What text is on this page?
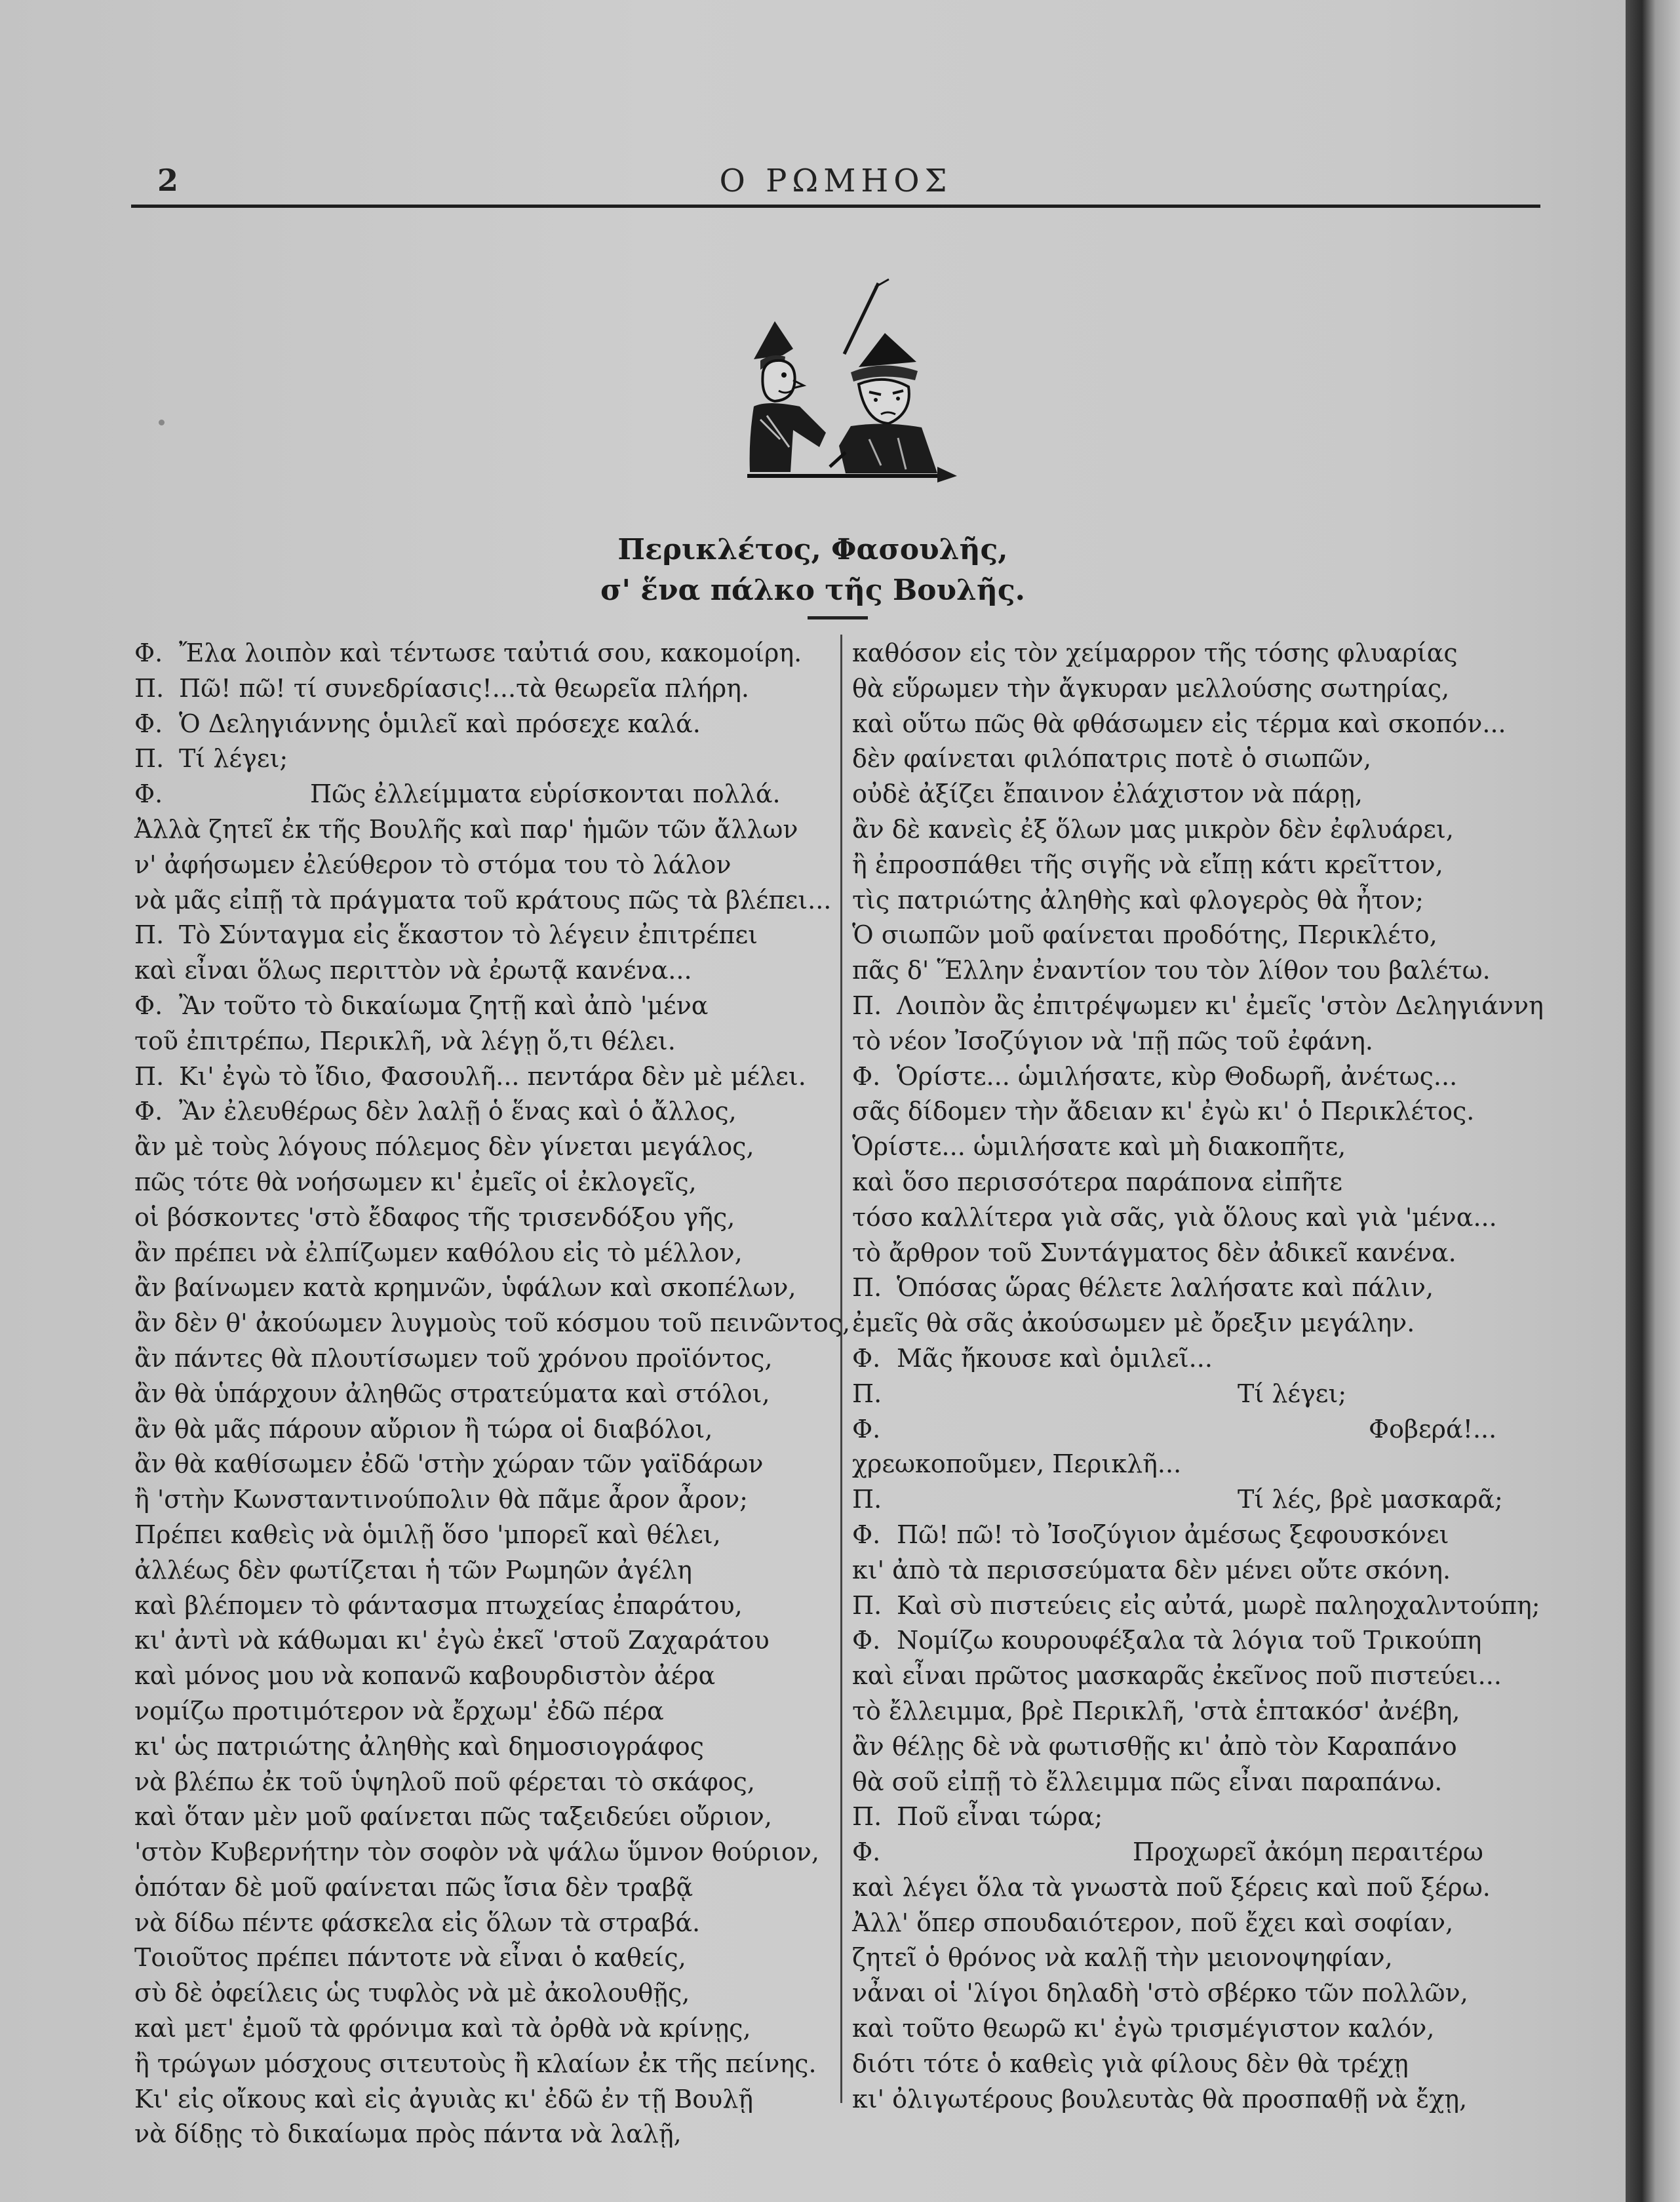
2	Ο ΡΩΜΗΟΣ
Περικλέτος, Φασουλῆς,
σ' ἕνα πάλκο τῆς Βουλῆς.
Φ. Ἔλα λοιπὸν καὶ τέντωσε ταὐτιά σου, κακομοίρη.
Π. Πῶ! πῶ! τί συνεδρίασις!...τὰ θεωρεῖα πλήρη.
Φ. Ὁ Δεληγιάννης ὁμιλεῖ καὶ πρόσεχε καλά.
Π. Τί λέγει;
Φ.	Πῶς ἐλλείμματα εὑρίσκονται πολλά.
Ἀλλὰ ζητεῖ ἐκ τῆς Βουλῆς καὶ παρ' ἡμῶν τῶν ἄλλων
ν' ἀφήσωμεν ἐλεύθερον τὸ στόμα του τὸ λάλον
νὰ μᾶς εἰπῇ τὰ πράγματα τοῦ κράτους πῶς τὰ βλέπει...
Π. Τὸ Σύνταγμα εἰς ἕκαστον τὸ λέγειν ἐπιτρέπει
καὶ εἶναι ὅλως περιττὸν νὰ ἐρωτᾷ κανένα...
Φ. Ἂν τοῦτο τὸ δικαίωμα ζητῇ καὶ ἀπὸ 'μένα
τοῦ ἐπιτρέπω, Περικλῆ, νὰ λέγῃ ὅ,τι θέλει.
Π. Κι' ἐγὼ τὸ ἴδιο, Φασουλῆ... πεντάρα δὲν μὲ μέλει.
Φ. Ἂν ἐλευθέρως δὲν λαλῇ ὁ ἕνας καὶ ὁ ἄλλος,
ἂν μὲ τοὺς λόγους πόλεμος δὲν γίνεται μεγάλος,
πῶς τότε θὰ νοήσωμεν κι' ἐμεῖς οἱ ἐκλογεῖς,
οἱ βόσκοντες 'στὸ ἔδαφος τῆς τρισενδόξου γῆς,
ἂν πρέπει νὰ ἐλπίζωμεν καθόλου εἰς τὸ μέλλον,
ἂν βαίνωμεν κατὰ κρημνῶν, ὑφάλων καὶ σκοπέλων,
ἂν δὲν θ' ἀκούωμεν λυγμοὺς τοῦ κόσμου τοῦ πεινῶντος,
ἂν πάντες θὰ πλουτίσωμεν τοῦ χρόνου προϊόντος,
ἂν θὰ ὑπάρχουν ἀληθῶς στρατεύματα καὶ στόλοι,
ἂν θὰ μᾶς πάρουν αὔριον ἢ τώρα οἱ διαβόλοι,
ἂν θὰ καθίσωμεν ἐδῶ 'στὴν χώραν τῶν γαϊδάρων
ἢ 'στὴν Κωνσταντινούπολιν θὰ πᾶμε ἆρον ἆρον;
Πρέπει καθεὶς νὰ ὁμιλῇ ὅσο 'μπορεῖ καὶ θέλει,
ἀλλέως δὲν φωτίζεται ἡ τῶν Ρωμηῶν ἀγέλη
καὶ βλέπομεν τὸ φάντασμα πτωχείας ἐπαράτου,
κι' ἀντὶ νὰ κάθωμαι κι' ἐγὼ ἐκεῖ 'στοῦ Ζαχαράτου
καὶ μόνος μου νὰ κοπανῶ καβουρδιστὸν ἀέρα
νομίζω προτιμότερον νὰ ἔρχωμ' ἐδῶ πέρα
κι' ὡς πατριώτης ἀληθὴς καὶ δημοσιογράφος
νὰ βλέπω ἐκ τοῦ ὑψηλοῦ ποῦ φέρεται τὸ σκάφος,
καὶ ὅταν μὲν μοῦ φαίνεται πῶς ταξειδεύει οὔριον,
'στὸν Κυβερνήτην τὸν σοφὸν νὰ ψάλω ὕμνον θούριον,
ὁπόταν δὲ μοῦ φαίνεται πῶς ἴσια δὲν τραβᾷ
νὰ δίδω πέντε φάσκελα εἰς ὅλων τὰ στραβά.
Τοιοῦτος πρέπει πάντοτε νὰ εἶναι ὁ καθείς,
σὺ δὲ ὀφείλεις ὡς τυφλὸς νὰ μὲ ἀκολουθῇς,
καὶ μετ' ἐμοῦ τὰ φρόνιμα καὶ τὰ ὀρθὰ νὰ κρίνῃς,
ἢ τρώγων μόσχους σιτευτοὺς ἢ κλαίων ἐκ τῆς πείνης.
Κι' εἰς οἴκους καὶ εἰς ἀγυιὰς κι' ἐδῶ ἐν τῇ Βουλῇ
νὰ δίδῃς τὸ δικαίωμα πρὸς πάντα νὰ λαλῇ,
καθόσον εἰς τὸν χείμαρρον τῆς τόσης φλυαρίας
θὰ εὕρωμεν τὴν ἄγκυραν μελλούσης σωτηρίας,
καὶ οὕτω πῶς θὰ φθάσωμεν εἰς τέρμα καὶ σκοπόν...
δὲν φαίνεται φιλόπατρις ποτὲ ὁ σιωπῶν,
οὐδὲ ἀξίζει ἔπαινον ἐλάχιστον νὰ πάρῃ,
ἂν δὲ κανεὶς ἐξ ὅλων μας μικρὸν δὲν ἐφλυάρει,
ἢ ἐπροσπάθει τῆς σιγῆς νὰ εἴπῃ κάτι κρεῖττον,
τὶς πατριώτης ἀληθὴς καὶ φλογερὸς θὰ ἦτον;
Ὁ σιωπῶν μοῦ φαίνεται προδότης, Περικλέτο,
πᾶς δ' Ἕλλην ἐναντίον του τὸν λίθον του βαλέτω.
Π. Λοιπὸν ἂς ἐπιτρέψωμεν κι' ἐμεῖς 'στὸν Δεληγιάννη
τὸ νέον Ἰσοζύγιον νὰ 'πῇ πῶς τοῦ ἐφάνη.
Φ. Ὁρίστε... ὡμιλήσατε, κὺρ Θοδωρῆ, ἀνέτως...
σᾶς δίδομεν τὴν ἄδειαν κι' ἐγὼ κι' ὁ Περικλέτος.
Ὁρίστε... ὡμιλήσατε καὶ μὴ διακοπῆτε,
καὶ ὅσο περισσότερα παράπονα εἰπῆτε
τόσο καλλίτερα γιὰ σᾶς, γιὰ ὅλους καὶ γιὰ 'μένα...
τὸ ἄρθρον τοῦ Συντάγματος δὲν ἀδικεῖ κανένα.
Π. Ὁπόσας ὥρας θέλετε λαλήσατε καὶ πάλιν,
ἐμεῖς θὰ σᾶς ἀκούσωμεν μὲ ὄρεξιν μεγάλην.
Φ. Μᾶς ἤκουσε καὶ ὁμιλεῖ...
Π.	Τί λέγει;
Φ.	Φοβερά!...
χρεωκοποῦμεν, Περικλῆ...
Π.	Τί λές, βρὲ μασκαρᾶ;
Φ. Πῶ! πῶ! τὸ Ἰσοζύγιον ἀμέσως ξεφουσκόνει
κι' ἀπὸ τὰ περισσεύματα δὲν μένει οὔτε σκόνη.
Π. Καὶ σὺ πιστεύεις εἰς αὐτά, μωρὲ παληοχαλντούπη;
Φ. Νομίζω κουρουφέξαλα τὰ λόγια τοῦ Τρικούπη
καὶ εἶναι πρῶτος μασκαρᾶς ἐκεῖνος ποῦ πιστεύει...
τὸ ἔλλειμμα, βρὲ Περικλῆ, 'στὰ ἑπτακόσ' ἀνέβη,
ἂν θέλῃς δὲ νὰ φωτισθῇς κι' ἀπὸ τὸν Καραπάνο
θὰ σοῦ εἰπῇ τὸ ἔλλειμμα πῶς εἶναι παραπάνω.
Π. Ποῦ εἶναι τώρα;
Φ.	Προχωρεῖ ἀκόμη περαιτέρω
καὶ λέγει ὅλα τὰ γνωστὰ ποῦ ξέρεις καὶ ποῦ ξέρω.
Ἀλλ' ὅπερ σπουδαιότερον, ποῦ ἔχει καὶ σοφίαν,
ζητεῖ ὁ θρόνος νὰ καλῇ τὴν μειονοψηφίαν,
νἆναι οἱ 'λίγοι δηλαδὴ 'στὸ σβέρκο τῶν πολλῶν,
καὶ τοῦτο θεωρῶ κι' ἐγὼ τρισμέγιστον καλόν,
διότι τότε ὁ καθεὶς γιὰ φίλους δὲν θὰ τρέχῃ
κι' ὀλιγωτέρους βουλευτὰς θὰ προσπαθῇ νὰ ἔχῃ,
